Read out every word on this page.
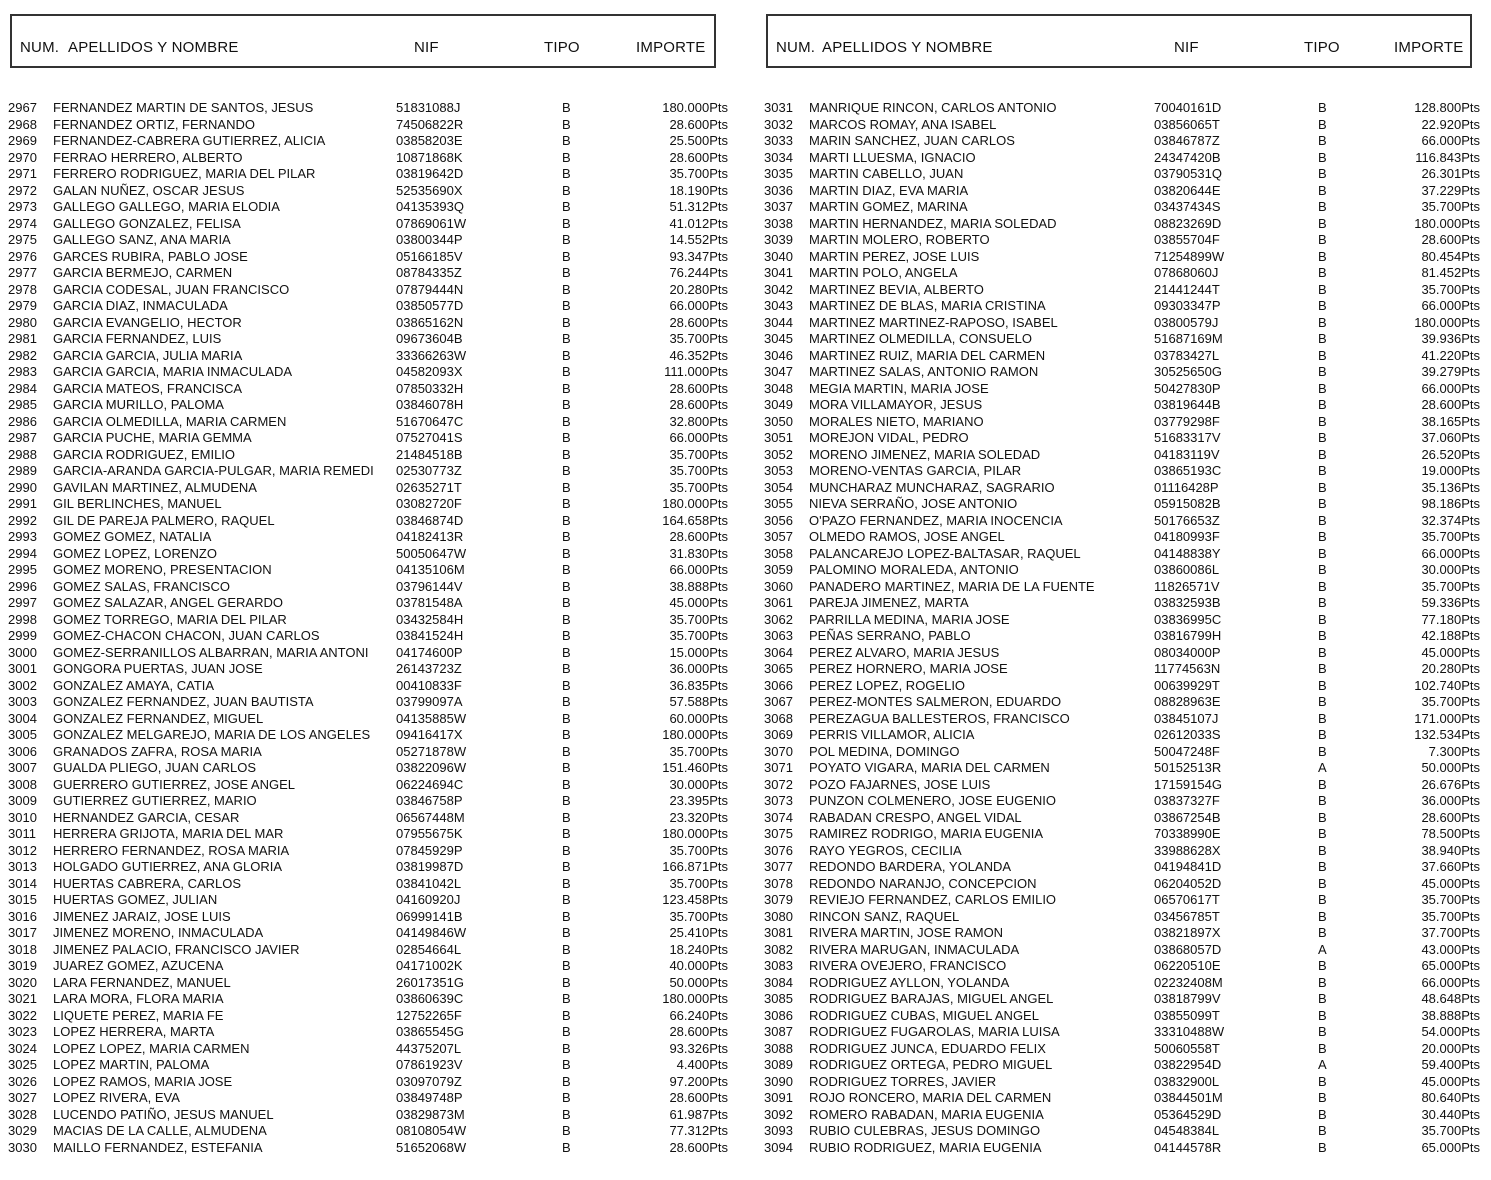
NUM. APELLIDOS Y NOMBRE	NIF	TIPO	IMPORTE	NUM. APELLIDOS Y NOMBRE	NIF	TIPO	IMPORTE
2967 FERNANDEZ MARTIN DE SANTOS, JESUS	51831088J	B	180.000Pts
2968 FERNANDEZ ORTIZ, FERNANDO	74506822R	B	28.600Pts
2969 FERNANDEZ-CABRERA GUTIERREZ, ALICIA	03858203E	B	25.500Pts
2970 FERRAO HERRERO, ALBERTO	10871868K	B	28.600Pts
2971 FERRERO RODRIGUEZ, MARIA DEL PILAR	03819642D	B	35.700Pts
2972 GALAN NUÑEZ, OSCAR JESUS	52535690X	B	18.190Pts
2973 GALLEGO GALLEGO, MARIA ELODIA	04135393Q	B	51.312Pts
2974 GALLEGO GONZALEZ, FELISA	07869061W	B	41.012Pts
2975 GALLEGO SANZ, ANA MARIA	03800344P	B	14.552Pts
2976 GARCES RUBIRA, PABLO JOSE	05166185V	B	93.347Pts
2977 GARCIA BERMEJO, CARMEN	08784335Z	B	76.244Pts
2978 GARCIA CODESAL, JUAN FRANCISCO	07879444N	B	20.280Pts
2979 GARCIA DIAZ, INMACULADA	03850577D	B	66.000Pts
2980 GARCIA EVANGELIO, HECTOR	03865162N	B	28.600Pts
2981 GARCIA FERNANDEZ, LUIS	09673604B	B	35.700Pts
2982 GARCIA GARCIA, JULIA MARIA	33366263W	B	46.352Pts
2983 GARCIA GARCIA, MARIA INMACULADA	04582093X	B	111.000Pts
2984 GARCIA MATEOS, FRANCISCA	07850332H	B	28.600Pts
2985 GARCIA MURILLO, PALOMA	03846078H	B	28.600Pts
2986 GARCIA OLMEDILLA, MARIA CARMEN	51670647C	B	32.800Pts
2987 GARCIA PUCHE, MARIA GEMMA	07527041S	B	66.000Pts
2988 GARCIA RODRIGUEZ, EMILIO	21484518B	B	35.700Pts
2989 GARCIA-ARANDA GARCIA-PULGAR, MARIA REMEDI 02530773Z	B	35.700Pts
2990 GAVILAN MARTINEZ, ALMUDENA	02635271T	B	35.700Pts
2991 GIL BERLINCHES, MANUEL	03082720F	B	180.000Pts
2992 GIL DE PAREJA PALMERO, RAQUEL	03846874D	B	164.658Pts
2993 GOMEZ GOMEZ, NATALIA	04182413R	B	28.600Pts
2994 GOMEZ LOPEZ, LORENZO	50050647W	B	31.830Pts
2995 GOMEZ MORENO, PRESENTACION	04135106M	B	66.000Pts
2996 GOMEZ SALAS, FRANCISCO	03796144V	B	38.888Pts
2997 GOMEZ SALAZAR, ANGEL GERARDO	03781548A	B	45.000Pts
2998 GOMEZ TORREGO, MARIA DEL PILAR	03432584H	B	35.700Pts
2999 GOMEZ-CHACON CHACON, JUAN CARLOS	03841524H	B	35.700Pts
3000 GOMEZ-SERRANILLOS ALBARRAN, MARIA ANTONI 04174600P	B	15.000Pts
3001 GONGORA PUERTAS, JUAN JOSE	26143723Z	B	36.000Pts
3002 GONZALEZ AMAYA, CATIA	00410833F	B	36.835Pts
3003 GONZALEZ FERNANDEZ, JUAN BAUTISTA	03799097A	B	57.588Pts
3004 GONZALEZ FERNANDEZ, MIGUEL	04135885W	B	60.000Pts
3005 GONZALEZ MELGAREJO, MARIA DE LOS ANGELES 09416417X	B	180.000Pts
3006 GRANADOS ZAFRA, ROSA MARIA	05271878W	B	35.700Pts
3007 GUALDA PLIEGO, JUAN CARLOS	03822096W	B	151.460Pts
3008 GUERRERO GUTIERREZ, JOSE ANGEL	06224694C	B	30.000Pts
3009 GUTIERREZ GUTIERREZ, MARIO	03846758P	B	23.395Pts
3010 HERNANDEZ GARCIA, CESAR	06567448M	B	23.320Pts
3011 HERRERA GRIJOTA, MARIA DEL MAR	07955675K	B	180.000Pts
3012 HERRERO FERNANDEZ, ROSA MARIA	07845929P	B	35.700Pts
3013 HOLGADO GUTIERREZ, ANA GLORIA	03819987D	B	166.871Pts
3014 HUERTAS CABRERA, CARLOS	03841042L	B	35.700Pts
3015 HUERTAS GOMEZ, JULIAN	04160920J	B	123.458Pts
3016 JIMENEZ JARAIZ, JOSE LUIS	06999141B	B	35.700Pts
3017 JIMENEZ MORENO, INMACULADA	04149846W	B	25.410Pts
3018 JIMENEZ PALACIO, FRANCISCO JAVIER	02854664L	B	18.240Pts
3019 JUAREZ GOMEZ, AZUCENA	04171002K	B	40.000Pts
3020 LARA FERNANDEZ, MANUEL	26017351G	B	50.000Pts
3021 LARA MORA, FLORA MARIA	03860639C	B	180.000Pts
3022 LIQUETE PEREZ, MARIA FE	12752265F	B	66.240Pts
3023 LOPEZ HERRERA, MARTA	03865545G	B	28.600Pts
3024 LOPEZ LOPEZ, MARIA CARMEN	44375207L	B	93.326Pts
3025 LOPEZ MARTIN, PALOMA	07861923V	B	4.400Pts
3026 LOPEZ RAMOS, MARIA JOSE	03097079Z	B	97.200Pts
3027 LOPEZ RIVERA, EVA	03849748P	B	28.600Pts
3028 LUCENDO PATIÑO, JESUS MANUEL	03829873M	B	61.987Pts
3029 MACIAS DE LA CALLE, ALMUDENA	08108054W	B	77.312Pts
3030 MAILLO FERNANDEZ, ESTEFANIA	51652068W	B	28.600Pts
3031 MANRIQUE RINCON, CARLOS ANTONIO	70040161D	B	128.800Pts
3032 MARCOS ROMAY, ANA ISABEL	03856065T	B	22.920Pts
3033 MARIN SANCHEZ, JUAN CARLOS	03846787Z	B	66.000Pts
3034 MARTI LLUESMA, IGNACIO	24347420B	B	116.843Pts
3035 MARTIN CABELLO, JUAN	03790531Q	B	26.301Pts
3036 MARTIN DIAZ, EVA MARIA	03820644E	B	37.229Pts
3037 MARTIN GOMEZ, MARINA	03437434S	B	35.700Pts
3038 MARTIN HERNANDEZ, MARIA SOLEDAD	08823269D	B	180.000Pts
3039 MARTIN MOLERO, ROBERTO	03855704F	B	28.600Pts
3040 MARTIN PEREZ, JOSE LUIS	71254899W	B	80.454Pts
3041 MARTIN POLO, ANGELA	07868060J	B	81.452Pts
3042 MARTINEZ BEVIA, ALBERTO	21441244T	B	35.700Pts
3043 MARTINEZ DE BLAS, MARIA CRISTINA	09303347P	B	66.000Pts
3044 MARTINEZ MARTINEZ-RAPOSO, ISABEL	03800579J	B	180.000Pts
3045 MARTINEZ OLMEDILLA, CONSUELO	51687169M	B	39.936Pts
3046 MARTINEZ RUIZ, MARIA DEL CARMEN	03783427L	B	41.220Pts
3047 MARTINEZ SALAS, ANTONIO RAMON	30525650G	B	39.279Pts
3048 MEGIA MARTIN, MARIA JOSE	50427830P	B	66.000Pts
3049 MORA VILLAMAYOR, JESUS	03819644B	B	28.600Pts
3050 MORALES NIETO, MARIANO	03779298F	B	38.165Pts
3051 MOREJON VIDAL, PEDRO	51683317V	B	37.060Pts
3052 MORENO JIMENEZ, MARIA SOLEDAD	04183119V	B	26.520Pts
3053 MORENO-VENTAS GARCIA, PILAR	03865193C	B	19.000Pts
3054 MUNCHARAZ MUNCHARAZ, SAGRARIO	01116428P	B	35.136Pts
3055 NIEVA SERRAÑO, JOSE ANTONIO	05915082B	B	98.186Pts
3056 O'PAZO FERNANDEZ, MARIA INOCENCIA	50176653Z	B	32.374Pts
3057 OLMEDO RAMOS, JOSE ANGEL	04180993F	B	35.700Pts
3058 PALANCAREJO LOPEZ-BALTASAR, RAQUEL	04148838Y	B	66.000Pts
3059 PALOMINO MORALEDA, ANTONIO	03860086L	B	30.000Pts
3060 PANADERO MARTINEZ, MARIA DE LA FUENTE	11826571V	B	35.700Pts
3061 PAREJA JIMENEZ, MARTA	03832593B	B	59.336Pts
3062 PARRILLA MEDINA, MARIA JOSE	03836995C	B	77.180Pts
3063 PEÑAS SERRANO, PABLO	03816799H	B	42.188Pts
3064 PEREZ ALVARO, MARIA JESUS	08034000P	B	45.000Pts
3065 PEREZ HORNERO, MARIA JOSE	11774563N	B	20.280Pts
3066 PEREZ LOPEZ, ROGELIO	00639929T	B	102.740Pts
3067 PEREZ-MONTES SALMERON, EDUARDO	08828963E	B	35.700Pts
3068 PEREZAGUA BALLESTEROS, FRANCISCO	03845107J	B	171.000Pts
3069 PERRIS VILLAMOR, ALICIA	02612033S	B	132.534Pts
3070 POL MEDINA, DOMINGO	50047248F	B	7.300Pts
3071 POYATO VIGARA, MARIA DEL CARMEN	50152513R	A	50.000Pts
3072 POZO FAJARNES, JOSE LUIS	17159154G	B	26.676Pts
3073 PUNZON COLMENERO, JOSE EUGENIO	03837327F	B	36.000Pts
3074 RABADAN CRESPO, ANGEL VIDAL	03867254B	B	28.600Pts
3075 RAMIREZ RODRIGO, MARIA EUGENIA	70338990E	B	78.500Pts
3076 RAYO YEGROS, CECILIA	33988628X	B	38.940Pts
3077 REDONDO BARDERA, YOLANDA	04194841D	B	37.660Pts
3078 REDONDO NARANJO, CONCEPCION	06204052D	B	45.000Pts
3079 REVIEJO FERNANDEZ, CARLOS EMILIO	06570617T	B	35.700Pts
3080 RINCON SANZ, RAQUEL	03456785T	B	35.700Pts
3081 RIVERA MARTIN, JOSE RAMON	03821897X	B	37.700Pts
3082 RIVERA MARUGAN, INMACULADA	03868057D	A	43.000Pts
3083 RIVERA OVEJERO, FRANCISCO	06220510E	B	65.000Pts
3084 RODRIGUEZ AYLLON, YOLANDA	02232408M	B	66.000Pts
3085 RODRIGUEZ BARAJAS, MIGUEL ANGEL	03818799V	B	48.648Pts
3086 RODRIGUEZ CUBAS, MIGUEL ANGEL	03855099T	B	38.888Pts
3087 RODRIGUEZ FUGAROLAS, MARIA LUISA	33310488W	B	54.000Pts
3088 RODRIGUEZ JUNCA, EDUARDO FELIX	50060558T	B	20.000Pts
3089 RODRIGUEZ ORTEGA, PEDRO MIGUEL	03822954D	A	59.400Pts
3090 RODRIGUEZ TORRES, JAVIER	03832900L	B	45.000Pts
3091 ROJO RONCERO, MARIA DEL CARMEN	03844501M	B	80.640Pts
3092 ROMERO RABADAN, MARIA EUGENIA	05364529D	B	30.440Pts
3093 RUBIO CULEBRAS, JESUS DOMINGO	04548384L	B	35.700Pts
3094 RUBIO RODRIGUEZ, MARIA EUGENIA	04144578R	B	65.000Pts
